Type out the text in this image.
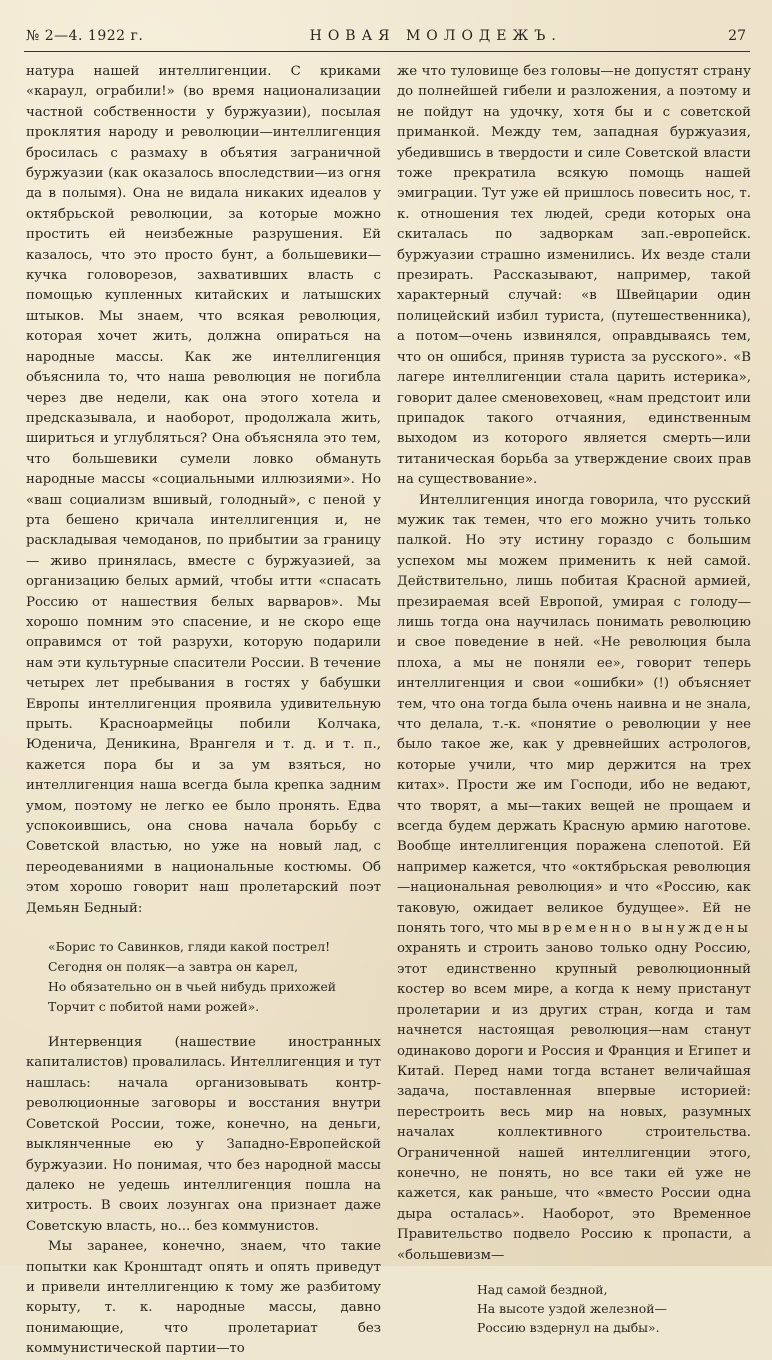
№ 2—4. 1922 г.	НОВАЯ МОЛОДЕЖЪ.	27

натура нашей интеллигенции. С криками «караул, ограбили!» (во время национализации частной собственности у буржуазии), посылая проклятия народу и революции—интеллигенция бросилась с размаху в объятия заграничной буржуазии (как оказалось впоследствии—из огня да в полымя). Она не видала никаких идеалов у октябрьской революции, за которые можно простить ей неизбежные разрушения. Ей казалось, что это просто бунт, а большевики—кучка головорезов, захвативших власть с помощью купленных китайских и латышских штыков. Мы знаем, что всякая революция, которая хочет жить, должна опираться на народные массы. Как же интеллигенция объяснила то, что наша революция не погибла через две недели, как она этого хотела и предсказывала, и наоборот, продолжала жить, шириться и углубляться? Она объясняла это тем, что большевики сумели ловко обмануть народные массы «социальными иллюзиями». Но «ваш социализм вшивый, голодный», с пеной у рта бешено кричала интеллигенция и, не раскладывая чемоданов, по прибытии за границу— живо принялась, вместе с буржуазией, за организацию белых армий, чтобы итти «спасать Россию от нашествия белых варваров». Мы хорошо помним это спасение, и не скоро еще оправимся от той разрухи, которую подарили нам эти культурные спасители России. В течение четырех лет пребывания в гостях у бабушки Европы интеллигенция проявила удивительную прыть. Красноармейцы побили Колчака, Юденича, Деникина, Врангеля и т. д. и т. п., кажется пора бы и за ум взяться, но интеллигенция наша всегда была крепка задним умом, поэтому не легко ее было пронять. Едва успокоившись, она снова начала борьбу с Советской властью, но уже на новый лад, с переодеваниями в национальные костюмы. Об этом хорошо говорит наш пролетарский поэт Демьян Бедный:

«Борис то Савинков, гляди какой пострел!
Сегодня он поляк—а завтра он карел,
Но обязательно он в чьей нибудь прихожей
Торчит с побитой нами рожей».

Интервенция (нашествие иностранных капиталистов) провалилась. Интеллигенция и тут нашлась: начала организовывать контр-революционные заговоры и восстания внутри Советской России, тоже, конечно, на деньги, выклянченные ею у Западно-Европейской буржуазии. Но понимая, что без народной массы далеко не уедешь интеллигенция пошла на хитрость. В своих лозунгах она признает даже Советскую власть, но... без коммунистов.

Мы заранее, конечно, знаем, что такие попытки как Кронштадт опять и опять приведут и привели интеллигенцию к тому же разбитому корыту, т. к. народные массы, давно понимающие, что пролетариат без коммунистической партии—то

же что туловище без головы—не допустят страну до полнейшей гибели и разложения, а поэтому и не пойдут на удочку, хотя бы и с советской приманкой. Между тем, западная буржуазия, убедившись в твердости и силе Советской власти тоже прекратила всякую помощь нашей эмиграции. Тут уже ей пришлось повесить нос, т. к. отношения тех людей, среди которых она скиталась по задворкам зап.-европейск. буржуазии страшно изменились. Их везде стали презирать. Рассказывают, например, такой характерный случай: «в Швейцарии один полицейский избил туриста, (путешественника), а потом—очень извинялся, оправдываясь тем, что он ошибся, приняв туриста за русского». «В лагере интеллигенции стала царить истерика», говорит далее сменовеховец, «нам предстоит или припадок такого отчаяния, единственным выходом из которого является смерть—или титаническая борьба за утверждение своих прав на существование».

Интеллигенция иногда говорила, что русский мужик так темен, что его можно учить только палкой. Но эту истину гораздо с большим успехом мы можем применить к ней самой. Действительно, лишь побитая Красной армией, презираемая всей Европой, умирая с голоду—лишь тогда она научилась понимать революцию и свое поведение в ней. «Не революция была плоха, а мы не поняли ее», говорит теперь интеллигенция и свои «ошибки» (!) объясняет тем, что она тогда была очень наивна и не знала, что делала, т.-к. «понятие о революции у нее было такое же, как у древнейших астрологов, которые учили, что мир держится на трех китах». Прости же им Господи, ибо не ведают, что творят, а мы—таких вещей не прощаем и всегда будем держать Красную армию наготове. Вообще интеллигенция поражена слепотой. Ей например кажется, что «октябрьская революция—национальная революция» и что «Россию, как таковую, ожидает великое будущее». Ей не понять того, что мы временно вынуждены охранять и строить заново только одну Россию, этот единственно крупный революционный костер во всем мире, а когда к нему пристанут пролетарии и из других стран, когда и там начнется настоящая революция—нам станут одинаково дороги и Россия и Франция и Египет и Китай. Перед нами тогда встанет величайшая задача, поставленная впервые историей: перестроить весь мир на новых, разумных началах коллективного строительства. Ограниченной нашей интеллигенции этого, конечно, не понять, но все таки ей уже не кажется, как раньше, что «вместо России одна дыра осталась». Наоборот, это Временное Правительство подвело Россию к пропасти, а «большевизм—

Над самой бездной,
На высоте уздой железной—
Россию вздернул на дыбы».
